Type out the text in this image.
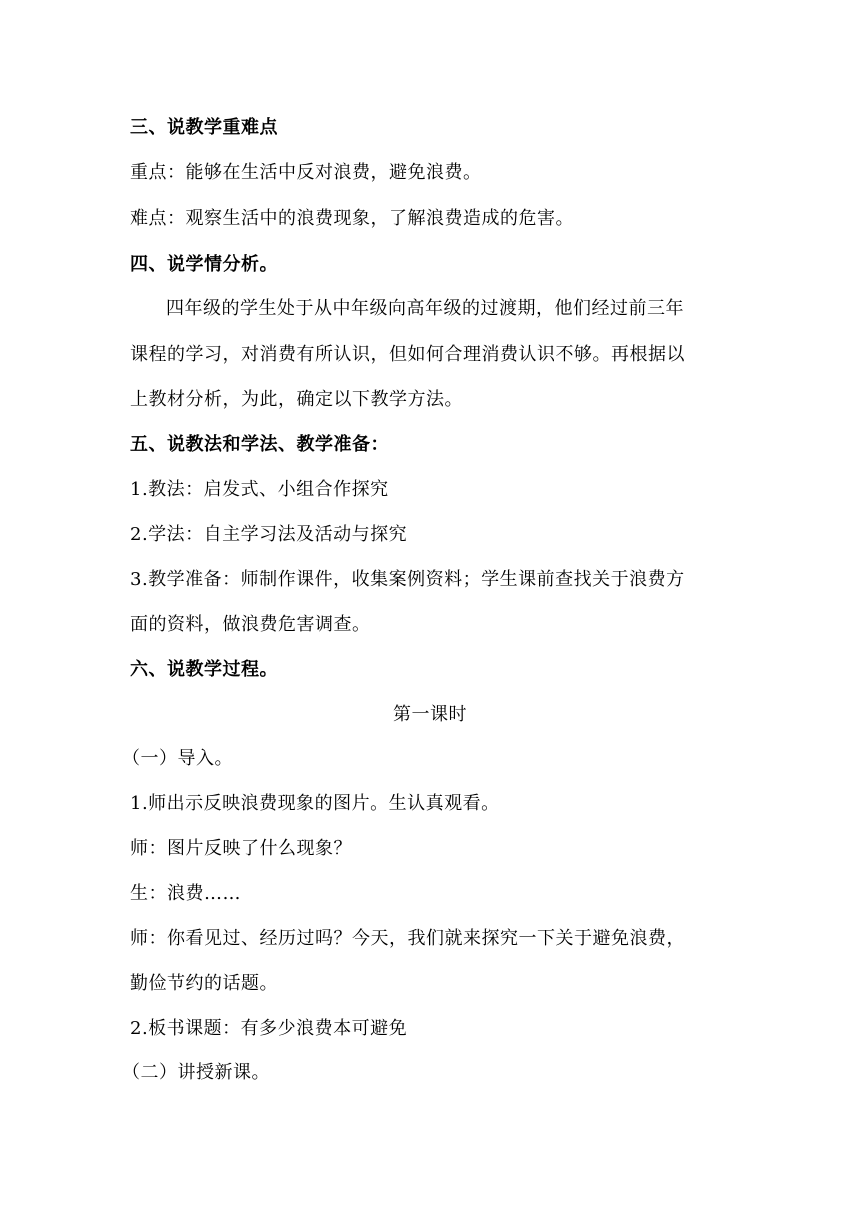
三、说教学重难点
重点：能够在生活中反对浪费，避免浪费。
难点：观察生活中的浪费现象，了解浪费造成的危害。
四、说学情分析。
四年级的学生处于从中年级向高年级的过渡期，他们经过前三年
课程的学习，对消费有所认识，但如何合理消费认识不够。再根据以
上教材分析，为此，确定以下教学方法。
五、说教法和学法、教学准备：
1.教法：启发式、小组合作探究
2.学法：自主学习法及活动与探究
3.教学准备：师制作课件，收集案例资料；学生课前查找关于浪费方
面的资料，做浪费危害调查。
六、说教学过程。
第一课时
（一）导入。
1.师出示反映浪费现象的图片。生认真观看。
师：图片反映了什么现象？
生：浪费……
师：你看见过、经历过吗？今天，我们就来探究一下关于避免浪费，
勤俭节约的话题。
2.板书课题：有多少浪费本可避免
（二）讲授新课。
